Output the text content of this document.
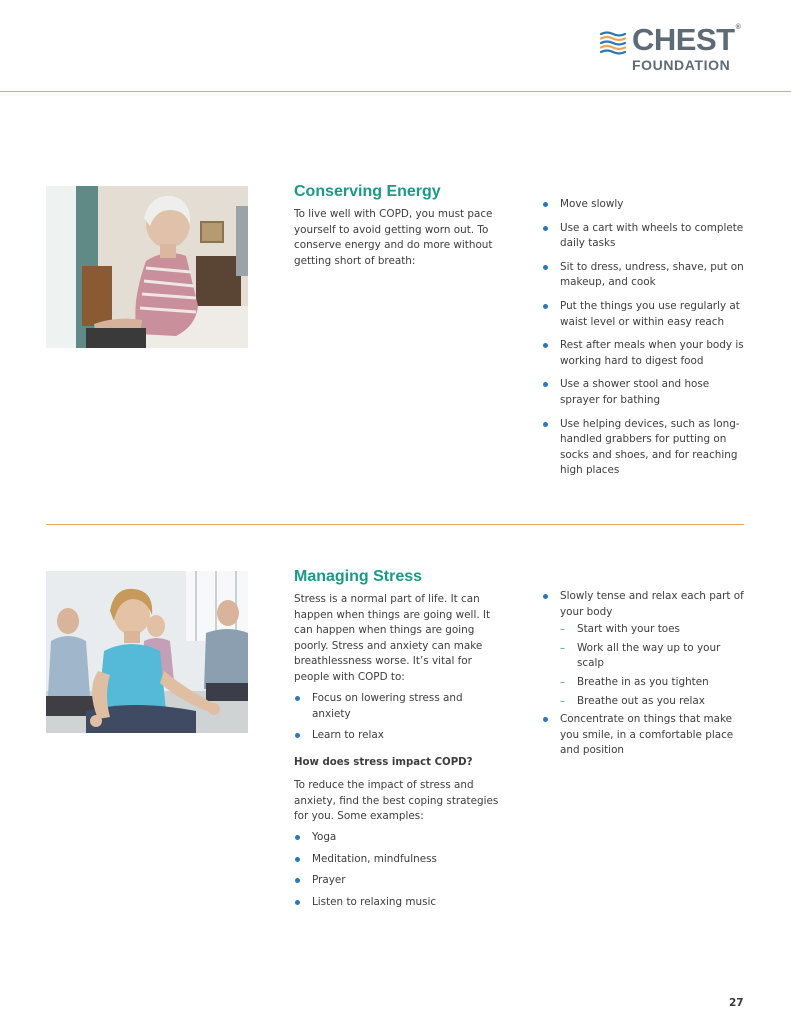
CHEST®
FOUNDATION
Conserving Energy

To live well with COPD, you must pace yourself to avoid getting worn out. To conserve energy and do more without getting short of breath:

Move slowly
Use a cart with wheels to complete daily tasks
Sit to dress, undress, shave, put on makeup, and cook
Put the things you use regularly at waist level or within easy reach
Rest after meals when your body is working hard to digest food
Use a shower stool and hose sprayer for bathing
Use helping devices, such as long-handled grabbers for putting on socks and shoes, and for reaching high places
Managing Stress

Stress is a normal part of life. It can happen when things are going well. It can happen when things are going poorly. Stress and anxiety can make breathlessness worse. It’s vital for people with COPD to:

Focus on lowering stress and anxiety
Learn to relax

How does stress impact COPD?

To reduce the impact of stress and anxiety, find the best coping strategies for you. Some examples:

Yoga
Meditation, mindfulness
Prayer
Listen to relaxing music
Slowly tense and relax each part of your body
– Start with your toes
– Work all the way up to your scalp
– Breathe in as you tighten
– Breathe out as you relax
Concentrate on things that make you smile, in a comfortable place and position
27
